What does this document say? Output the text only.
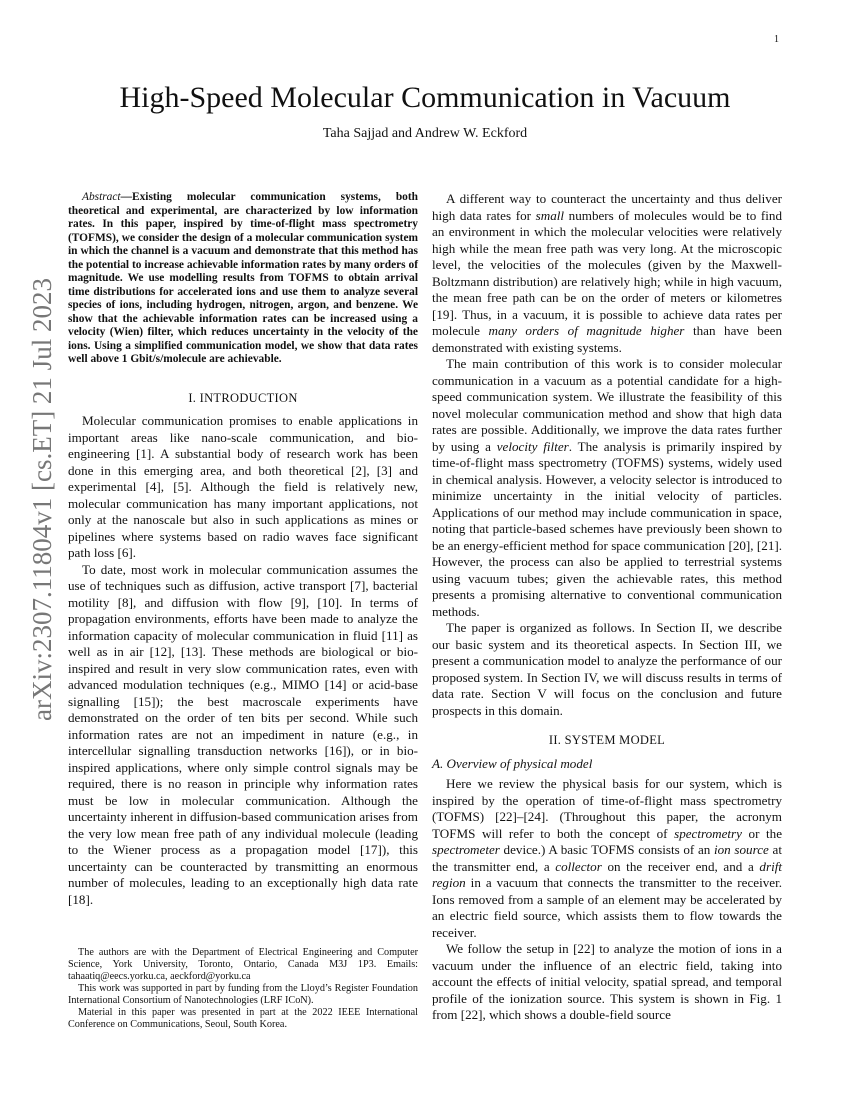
1
arXiv:2307.11804v1 [cs.ET] 21 Jul 2023
High-Speed Molecular Communication in Vacuum
Taha Sajjad and Andrew W. Eckford

Abstract—Existing molecular communication systems, both theoretical and experimental, are characterized by low information rates. In this paper, inspired by time-of-flight mass spectrometry (TOFMS), we consider the design of a molecular communication system in which the channel is a vacuum and demonstrate that this method has the potential to increase achievable information rates by many orders of magnitude. We use modelling results from TOFMS to obtain arrival time distributions for accelerated ions and use them to analyze several species of ions, including hydrogen, nitrogen, argon, and benzene. We show that the achievable information rates can be increased using a velocity (Wien) filter, which reduces uncertainty in the velocity of the ions. Using a simplified communication model, we show that data rates well above 1 Gbit/s/molecule are achievable.

I. INTRODUCTION

Molecular communication promises to enable applications in important areas like nano-scale communication, and bio-engineering [1]. A substantial body of research work has been done in this emerging area, and both theoretical [2], [3] and experimental [4], [5]. Although the field is relatively new, molecular communication has many important applications, not only at the nanoscale but also in such applications as mines or pipelines where systems based on radio waves face significant path loss [6].

To date, most work in molecular communication assumes the use of techniques such as diffusion, active transport [7], bacterial motility [8], and diffusion with flow [9], [10]. In terms of propagation environments, efforts have been made to analyze the information capacity of molecular communication in fluid [11] as well as in air [12], [13]. These methods are biological or bio-inspired and result in very slow communication rates, even with advanced modulation techniques (e.g., MIMO [14] or acid-base signalling [15]); the best macroscale experiments have demonstrated on the order of ten bits per second. While such information rates are not an impediment in nature (e.g., in intercellular signalling transduction networks [16]), or in bio-inspired applications, where only simple control signals may be required, there is no reason in principle why information rates must be low in molecular communication. Although the uncertainty inherent in diffusion-based communication arises from the very low mean free path of any individual molecule (leading to the Wiener process as a propagation model [17]), this uncertainty can be counteracted by transmitting an enormous number of molecules, leading to an exceptionally high data rate [18].

The authors are with the Department of Electrical Engineering and Computer Science, York University, Toronto, Ontario, Canada M3J 1P3. Emails: tahaatiq@eecs.yorku.ca, aeckford@yorku.ca

This work was supported in part by funding from the Lloyd’s Register Foundation International Consortium of Nanotechnologies (LRF ICoN).

Material in this paper was presented in part at the 2022 IEEE International Conference on Communications, Seoul, South Korea.

A different way to counteract the uncertainty and thus deliver high data rates for small numbers of molecules would be to find an environment in which the molecular velocities were relatively high while the mean free path was very long. At the microscopic level, the velocities of the molecules (given by the Maxwell-Boltzmann distribution) are relatively high; while in high vacuum, the mean free path can be on the order of meters or kilometres [19]. Thus, in a vacuum, it is possible to achieve data rates per molecule many orders of magnitude higher than have been demonstrated with existing systems.

The main contribution of this work is to consider molecular communication in a vacuum as a potential candidate for a high-speed communication system. We illustrate the feasibility of this novel molecular communication method and show that high data rates are possible. Additionally, we improve the data rates further by using a velocity filter. The analysis is primarily inspired by time-of-flight mass spectrometry (TOFMS) systems, widely used in chemical analysis. However, a velocity selector is introduced to minimize uncertainty in the initial velocity of particles. Applications of our method may include communication in space, noting that particle-based schemes have previously been shown to be an energy-efficient method for space communication [20], [21]. However, the process can also be applied to terrestrial systems using vacuum tubes; given the achievable rates, this method presents a promising alternative to conventional communication methods.

The paper is organized as follows. In Section II, we describe our basic system and its theoretical aspects. In Section III, we present a communication model to analyze the performance of our proposed system. In Section IV, we will discuss results in terms of data rate. Section V will focus on the conclusion and future prospects in this domain.

II. SYSTEM MODEL
A. Overview of physical model

Here we review the physical basis for our system, which is inspired by the operation of time-of-flight mass spectrometry (TOFMS) [22]–[24]. (Throughout this paper, the acronym TOFMS will refer to both the concept of spectrometry or the spectrometer device.) A basic TOFMS consists of an ion source at the transmitter end, a collector on the receiver end, and a drift region in a vacuum that connects the transmitter to the receiver. Ions removed from a sample of an element may be accelerated by an electric field source, which assists them to flow towards the receiver.

We follow the setup in [22] to analyze the motion of ions in a vacuum under the influence of an electric field, taking into account the effects of initial velocity, spatial spread, and temporal profile of the ionization source. This system is shown in Fig. 1 from [22], which shows a double-field source
